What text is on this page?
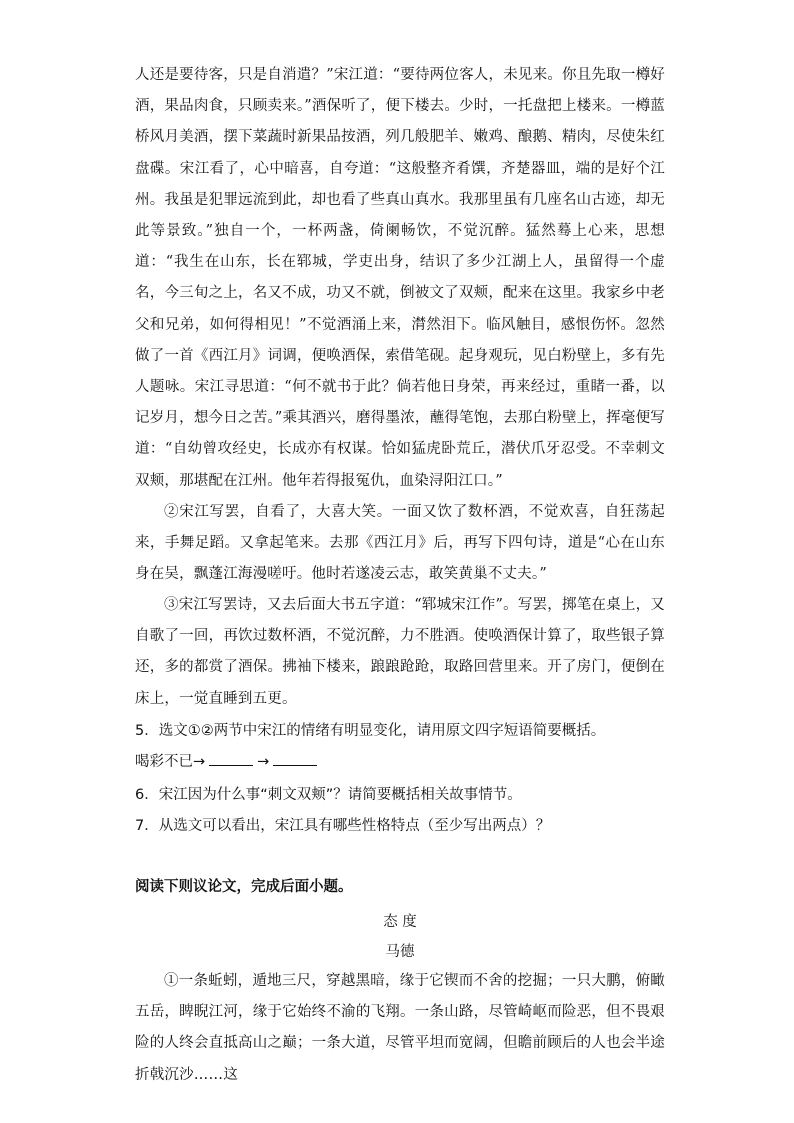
人还是要待客，只是自消遣？”宋江道：“要待两位客人，未见来。你且先取一樽好酒，果品肉食，只顾卖来。”酒保听了，便下楼去。少时，一托盘把上楼来。一樽蓝桥风月美酒，摆下菜蔬时新果品按酒，列几般肥羊、嫩鸡、酿鹅、精肉，尽使朱红盘碟。宋江看了，心中暗喜，自夸道：“这般整齐肴馔，齐楚器皿，端的是好个江州。我虽是犯罪远流到此，却也看了些真山真水。我那里虽有几座名山古迹，却无此等景致。”独自一个，一杯两盏，倚阑畅饮，不觉沉醉。猛然蓦上心来，思想道：“我生在山东，长在郓城，学吏出身，结识了多少江湖上人，虽留得一个虚名，今三旬之上，名又不成，功又不就，倒被文了双颊，配来在这里。我家乡中老父和兄弟，如何得相见！”不觉酒涌上来，潸然泪下。临风触目，感恨伤怀。忽然做了一首《西江月》词调，便唤酒保，索借笔砚。起身观玩，见白粉壁上，多有先人题咏。宋江寻思道：“何不就书于此？倘若他日身荣，再来经过，重睹一番，以记岁月，想今日之苦。”乘其酒兴，磨得墨浓，蘸得笔饱，去那白粉壁上，挥毫便写道：“自幼曾攻经史，长成亦有权谋。恰如猛虎卧荒丘，潜伏爪牙忍受。不幸刺文双颊，那堪配在江州。他年若得报冤仇，血染浔阳江口。”

②宋江写罢，自看了，大喜大笑。一面又饮了数杯酒，不觉欢喜，自狂荡起来，手舞足蹈。又拿起笔来。去那《西江月》后，再写下四句诗，道是“心在山东身在吴，飘蓬江海漫嗟吁。他时若遂凌云志，敢笑黄巢不丈夫。”

③宋江写罢诗，又去后面大书五字道：“郓城宋江作”。写罢，掷笔在桌上，又自歌了一回，再饮过数杯酒，不觉沉醉，力不胜酒。使唤酒保计算了，取些银子算还，多的都赏了酒保。拂袖下楼来，踉踉跄跄，取路回营里来。开了房门，便倒在床上，一觉直睡到五更。

5．选文①②两节中宋江的情绪有明显变化，请用原文四字短语简要概括。

喝彩不已→	→

6．宋江因为什么事“刺文双颊”？请简要概括相关故事情节。

7．从选文可以看出，宋江具有哪些性格特点（至少写出两点）？

阅读下则议论文，完成后面小题。

态 度

马德

①一条蚯蚓，遁地三尺，穿越黑暗，缘于它锲而不舍的挖掘；一只大鹏，俯瞰五岳，睥睨江河，缘于它始终不渝的飞翔。一条山路，尽管崎岖而险恶，但不畏艰险的人终会直抵高山之巅；一条大道，尽管平坦而宽阔，但瞻前顾后的人也会半途折戟沉沙……这
